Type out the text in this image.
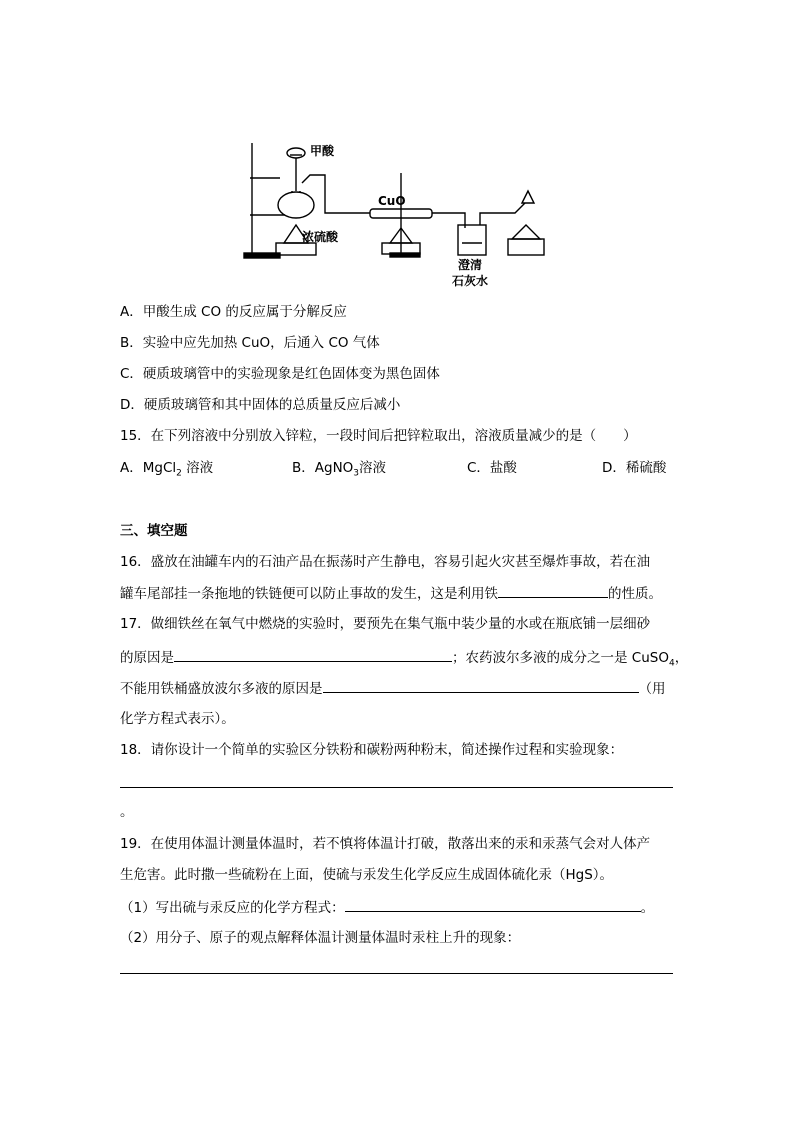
甲酸
浓硫酸
CuO
澄清
石灰水
A．甲酸生成 CO 的反应属于分解反应
B．实验中应先加热 CuO，后通入 CO 气体
C．硬质玻璃管中的实验现象是红色固体变为黑色固体
D．硬质玻璃管和其中固体的总质量反应后减小
15．在下列溶液中分别放入锌粒，一段时间后把锌粒取出，溶液质量减少的是（　　）
A．MgCl$_2$ 溶液	B．AgNO$_3$溶液	C．盐酸	D．稀硫酸
三、填空题
16．盛放在油罐车内的石油产品在振荡时产生静电，容易引起火灾甚至爆炸事故，若在油
罐车尾部挂一条拖地的铁链便可以防止事故的发生，这是利用铁	的性质。
17．做细铁丝在氧气中燃烧的实验时，要预先在集气瓶中装少量的水或在瓶底铺一层细砂
的原因是	；农药波尔多液的成分之一是 CuSO$_4$，
不能用铁桶盛放波尔多液的原因是	（用
化学方程式表示）。
18．请你设计一个简单的实验区分铁粉和碳粉两种粉末，简述操作过程和实验现象：
。
19．在使用体温计测量体温时，若不慎将体温计打破，散落出来的汞和汞蒸气会对人体产
生危害。此时撒一些硫粉在上面，使硫与汞发生化学反应生成固体硫化汞（HgS）。
（1）写出硫与汞反应的化学方程式：	。
（2）用分子、原子的观点解释体温计测量体温时汞柱上升的现象：
